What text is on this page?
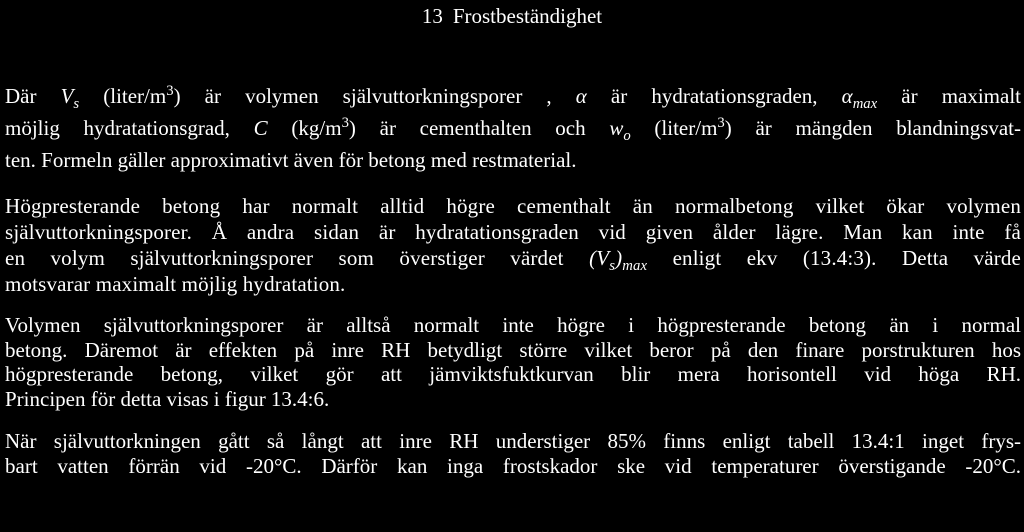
13 Frostbeständighet

Där $V_s$ $(liter/m^3)$ är volymen självuttorkningsporer , α är hydratationsgraden, $\alpha_{max}$ är maximalt
möjlig hydratationsgrad, C $(kg/m^3)$ är cementhalten och $w_o$ $(liter/m^3)$ är mängden blandningsvat-
ten. Formeln gäller approximativt även för betong med restmaterial.

Högpresterande betong har normalt alltid högre cementhalt än normalbetong vilket ökar volymen
självuttorkningsporer. Å andra sidan är hydratationsgraden vid given ålder lägre. Man kan inte få
en volym självuttorkningsporer som överstiger värdet $(V_s)_{max}$ enligt ekv (13.4:3). Detta värde
motsvarar maximalt möjlig hydratation.

Volymen självuttorkningsporer är alltså normalt inte högre i högpresterande betong än i normal
betong. Däremot är effekten på inre RH betydligt större vilket beror på den finare porstrukturen hos
högpresterande betong, vilket gör att jämviktsfuktkurvan blir mera horisontell vid höga RH.
Principen för detta visas i figur 13.4:6.

När självuttorkningen gått så långt att inre RH understiger 85% finns enligt tabell 13.4:1 inget frys-
bart vatten förrän vid -20°C. Därför kan inga frostskador ske vid temperaturer överstigande -20°C.
